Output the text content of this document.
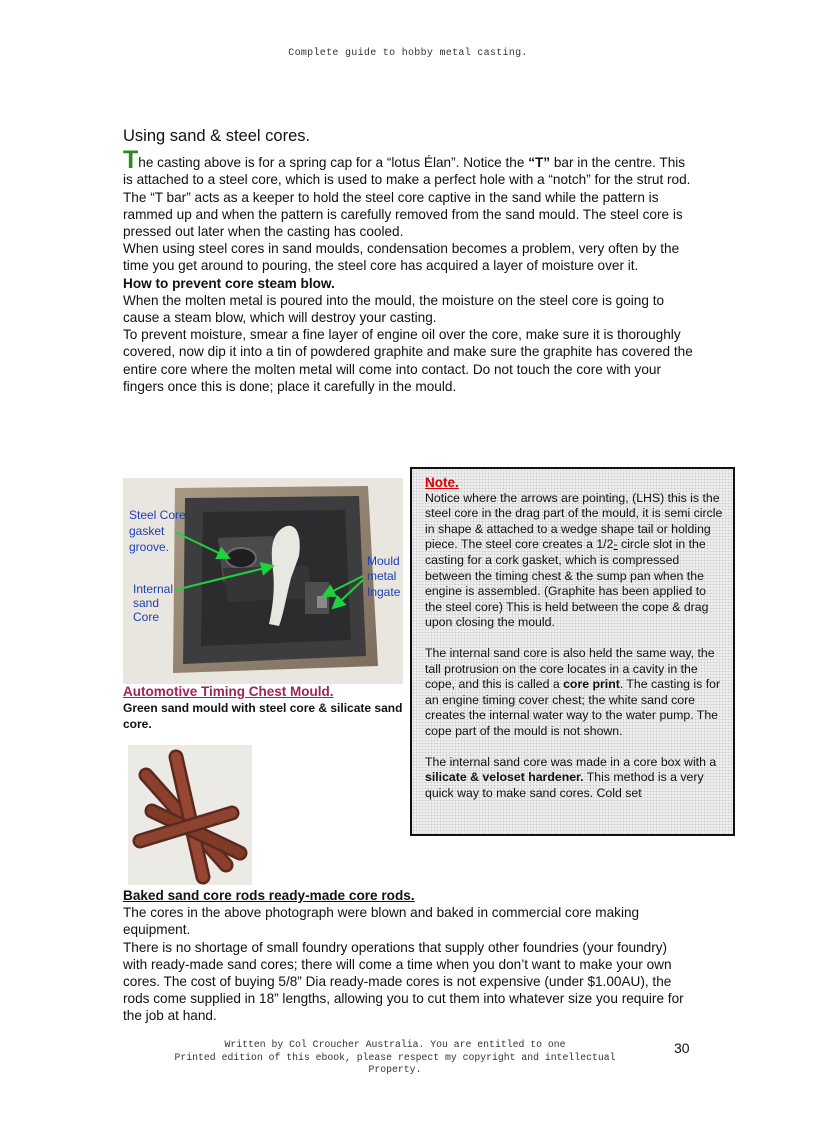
Complete guide to hobby metal casting.
Using sand & steel cores.

The casting above is for a spring cap for a “lotus Élan”. Notice the “T” bar in the centre. This is attached to a steel core, which is used to make a perfect hole with a “notch” for the strut rod. The “T bar” acts as a keeper to hold the steel core captive in the sand while the pattern is rammed up and when the pattern is carefully removed from the sand mould. The steel core is pressed out later when the casting has cooled.

When using steel cores in sand moulds, condensation becomes a problem, very often by the time you get around to pouring, the steel core has acquired a layer of moisture over it.

How to prevent core steam blow.

When the molten metal is poured into the mould, the moisture on the steel core is going to cause a steam blow, which will destroy your casting.

To prevent moisture, smear a fine layer of engine oil over the core, make sure it is thoroughly covered, now dip it into a tin of powdered graphite and make sure the graphite has covered the entire core where the molten metal will come into contact. Do not touch the core with your fingers once this is done; place it carefully in the mould.

Steel Core
gasket
groove.
Internal
sand
Core
Mould
metal
Ingate
Automotive Timing Chest Mould.
Green sand mould with steel core & silicate sand core.

Note.

Notice where the arrows are pointing, (LHS) this is the steel core in the drag part of the mould, it is semi circle in shape & attached to a wedge shape tail or holding piece. The steel core creates a 1/2- circle slot in the casting for a cork gasket, which is compressed between the timing chest & the sump pan when the engine is assembled. (Graphite has been applied to the steel core) This is held between the cope & drag upon closing the mould.

The internal sand core is also held the same way, the tall protrusion on the core locates in a cavity in the cope, and this is called a core print. The casting is for an engine timing cover chest; the white sand core creates the internal water way to the water pump. The cope part of the mould is not shown.

The internal sand core was made in a core box with a silicate & veloset hardener. This method is a very quick way to make sand cores. Cold set

Baked sand core rods ready-made core rods.

The cores in the above photograph were blown and baked in commercial core making equipment.

There is no shortage of small foundry operations that supply other foundries (your foundry) with ready-made sand cores; there will come a time when you don’t want to make your own cores. The cost of buying 5/8” Dia ready-made cores is not expensive (under $1.00AU), the rods come supplied in 18” lengths, allowing you to cut them into whatever size you require for the job at hand.

Written by Col Croucher Australia. You are entitled to one
Printed edition of this ebook, please respect my copyright and intellectual
Property.
30
